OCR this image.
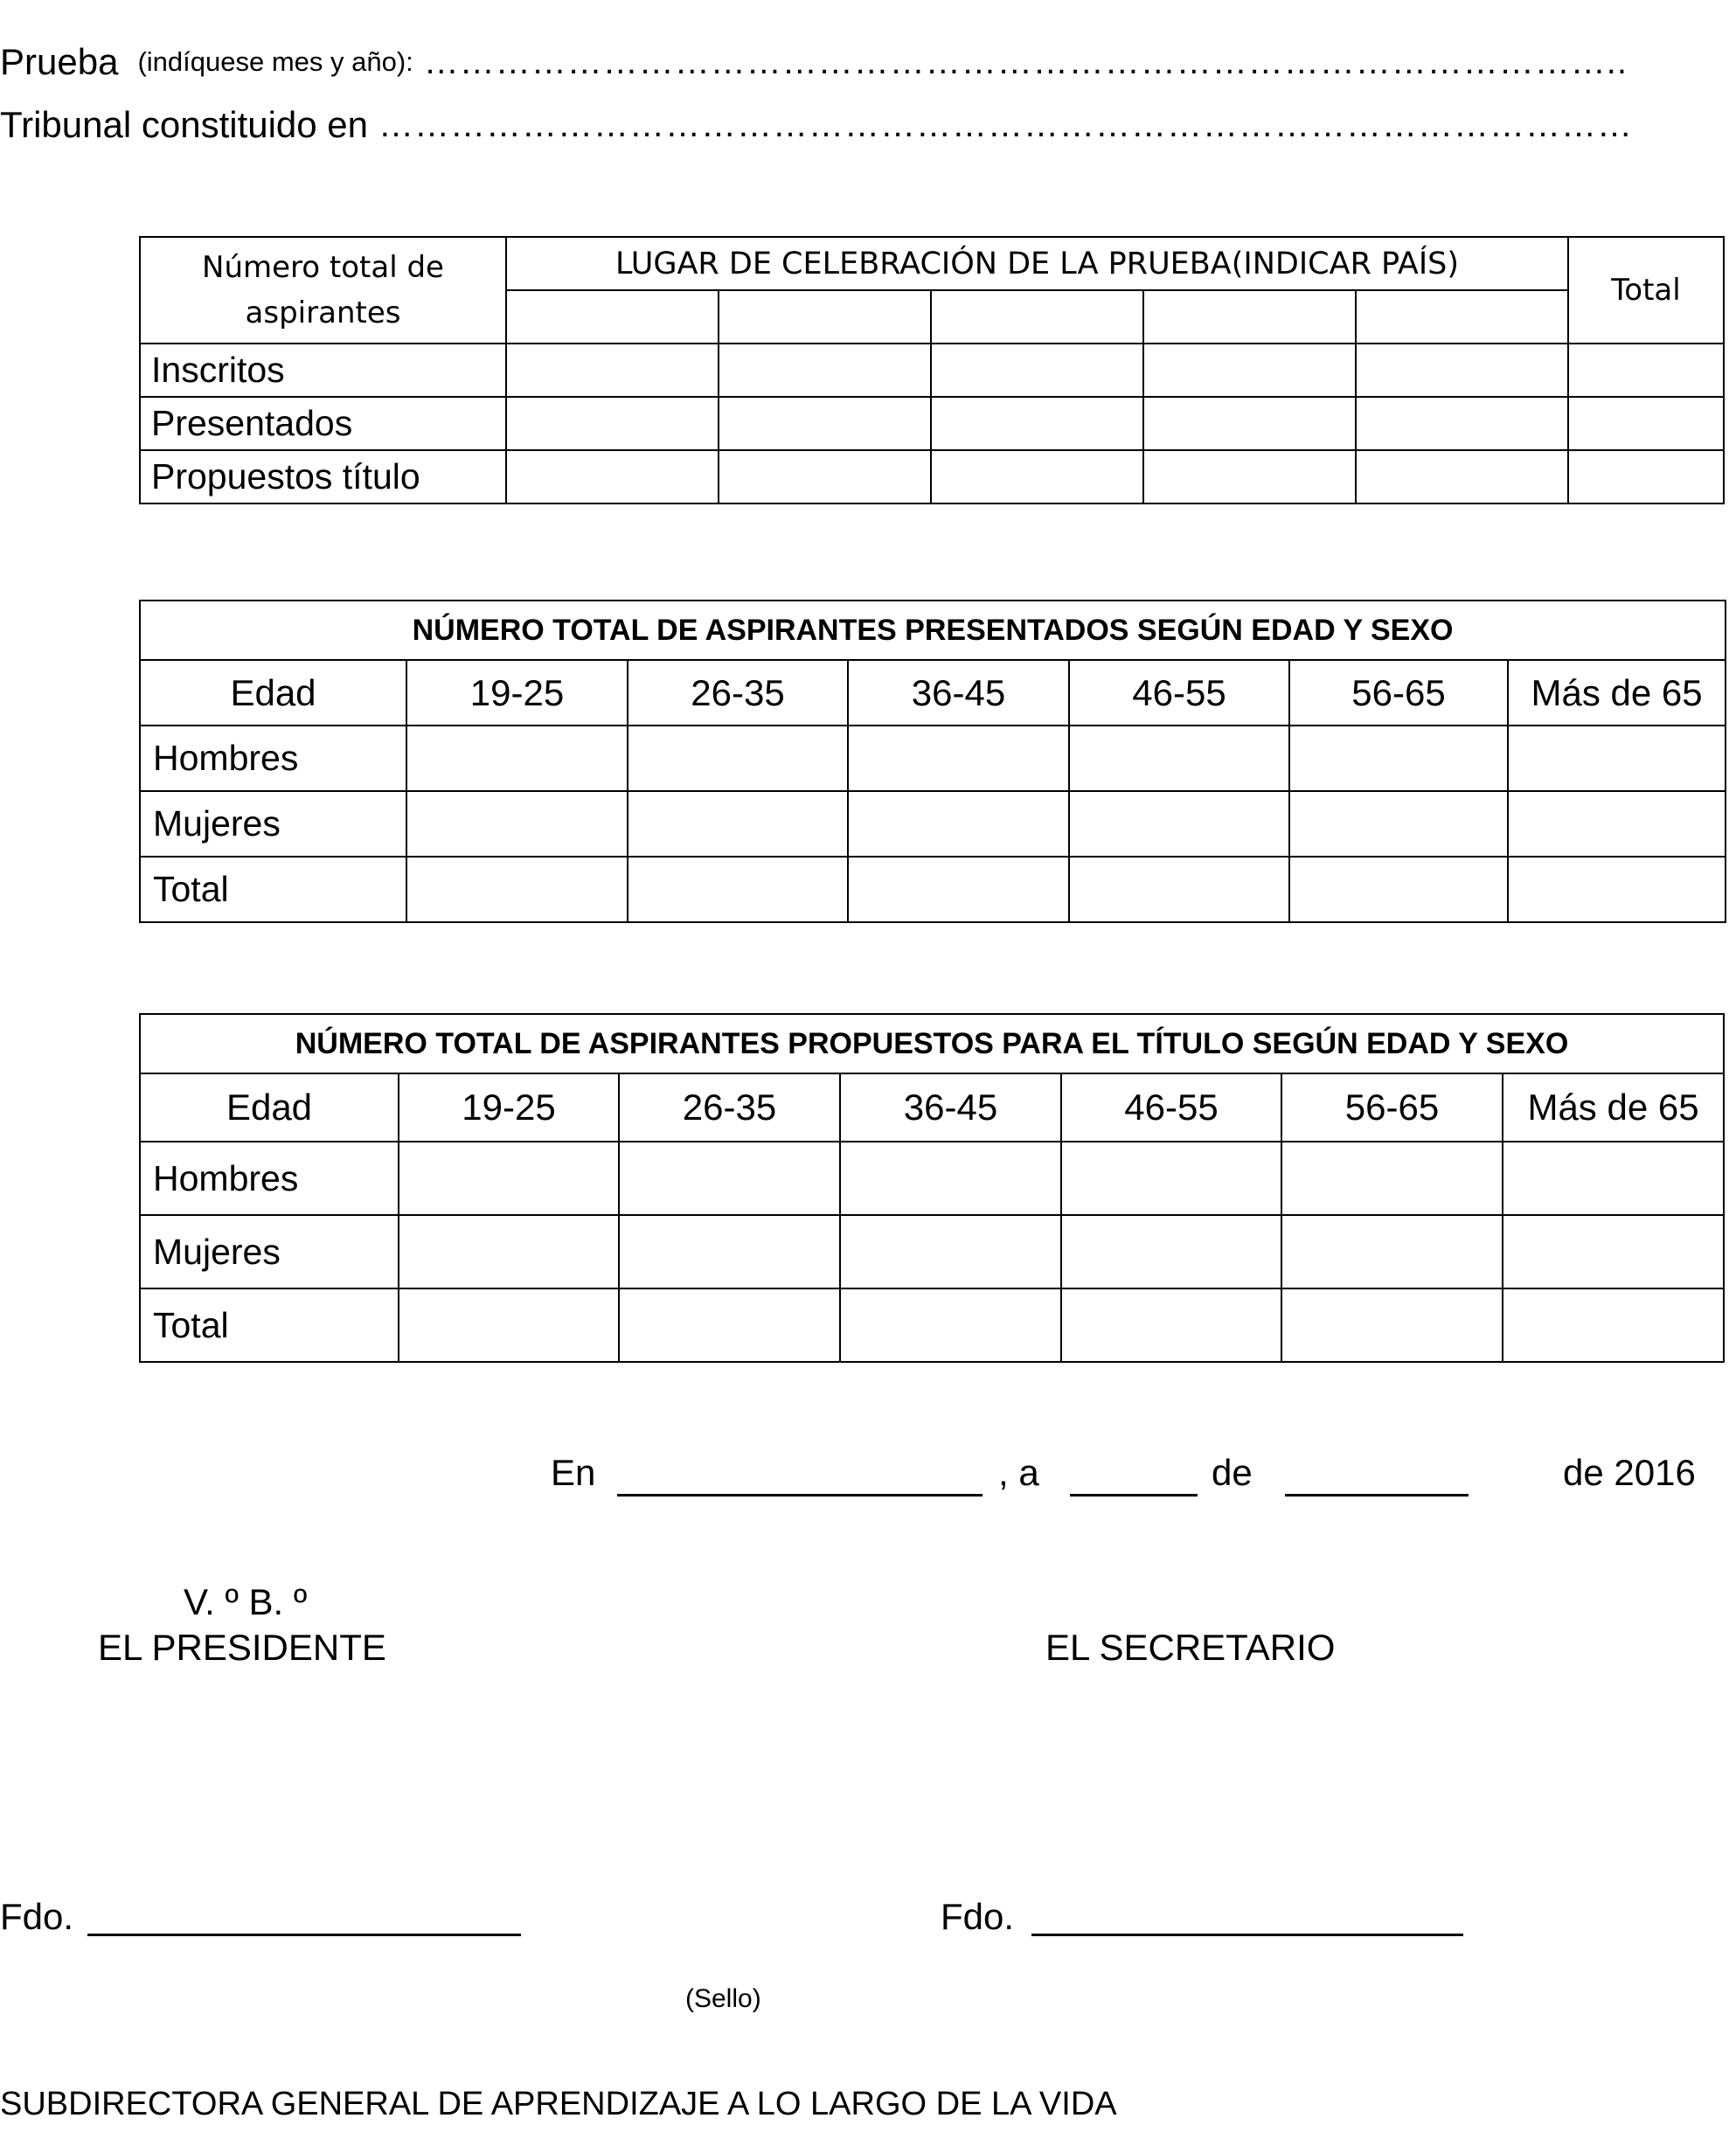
Prueba (indíquese mes y año): ………………………………………………………………………………………..
Tribunal constituido en ……………………………………………………………………………………………
Número total de aspirantes	LUGAR DE CELEBRACIÓN DE LA PRUEBA(INDICAR PAÍS)					Total

Inscritos						
Presentados						
Propuestos título						
NÚMERO TOTAL DE ASPIRANTES PRESENTADOS SEGÚN EDAD Y SEXO						
Edad	19-25	26-35	36-45	46-55	56-65	Más de 65
Hombres						
Mujeres						
Total						
NÚMERO TOTAL DE ASPIRANTES PROPUESTOS PARA EL TÍTULO SEGÚN EDAD Y SEXO						
Edad	19-25	26-35	36-45	46-55	56-65	Más de 65
Hombres						
Mujeres						
Total						
En	, a	de	de 2016
V. º B. º
EL PRESIDENTE	EL SECRETARIO
Fdo.	Fdo.
(Sello)
SUBDIRECTORA GENERAL DE APRENDIZAJE A LO LARGO DE LA VIDA
